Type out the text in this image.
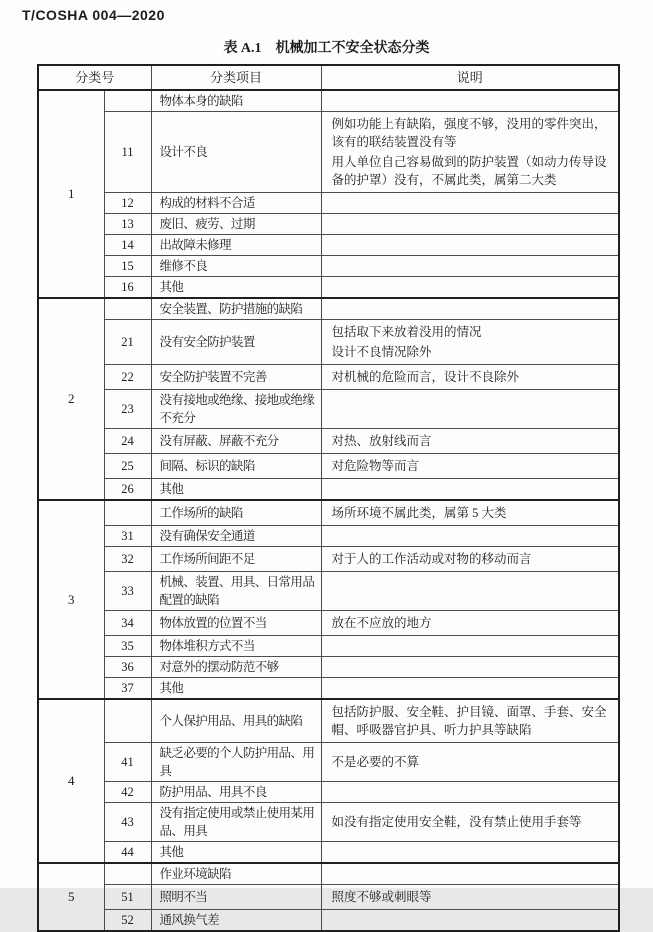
T/COSHA 004—2020
表 A.1 机械加工不安全状态分类
分类号		分类项目	说明
1		物体本身的缺陷	
	11	设计不良	例如功能上有缺陷，强度不够，没用的零件突出，该有的联结装置没有等

用人单位自己容易做到的防护装置（如动力传导设备的护罩）没有，不属此类，属第二大类

	12	构成的材料不合适	
	13	废旧、疲劳、过期	
	14	出故障未修理	
	15	维修不良	
	16	其他	
2		安全装置、防护措施的缺陷	
	21	没有安全防护装置	包括取下来放着没用的情况

设计不良情况除外

	22	安全防护装置不完善	对机械的危险而言，设计不良除外

	23	没有接地或绝缘、接地或绝缘不充分	
	24	没有屏蔽、屏蔽不充分	对热、放射线而言

	25	间隔、标识的缺陷	对危险物等而言

	26	其他	
3		工作场所的缺陷	场所环境不属此类，属第 5 大类

	31	没有确保安全通道	
	32	工作场所间距不足	对于人的工作活动或对物的移动而言

	33	机械、装置、用具、日常用品配置的缺陷	
	34	物体放置的位置不当	放在不应放的地方

	35	物体堆积方式不当	
	36	对意外的摆动防范不够	
	37	其他	
4		个人保护用品、用具的缺陷	包括防护服、安全鞋、护目镜、面罩、手套、安全帽、呼吸器官护具、听力护具等缺陷

	41	缺乏必要的个人防护用品、用具	不是必要的不算

	42	防护用品、用具不良	
	43	没有指定使用或禁止使用某用品、用具	如没有指定使用安全鞋，没有禁止使用手套等

	44	其他	
5		作业环境缺陷	
	51	照明不当	照度不够或刺眼等

	52	通风换气差	
